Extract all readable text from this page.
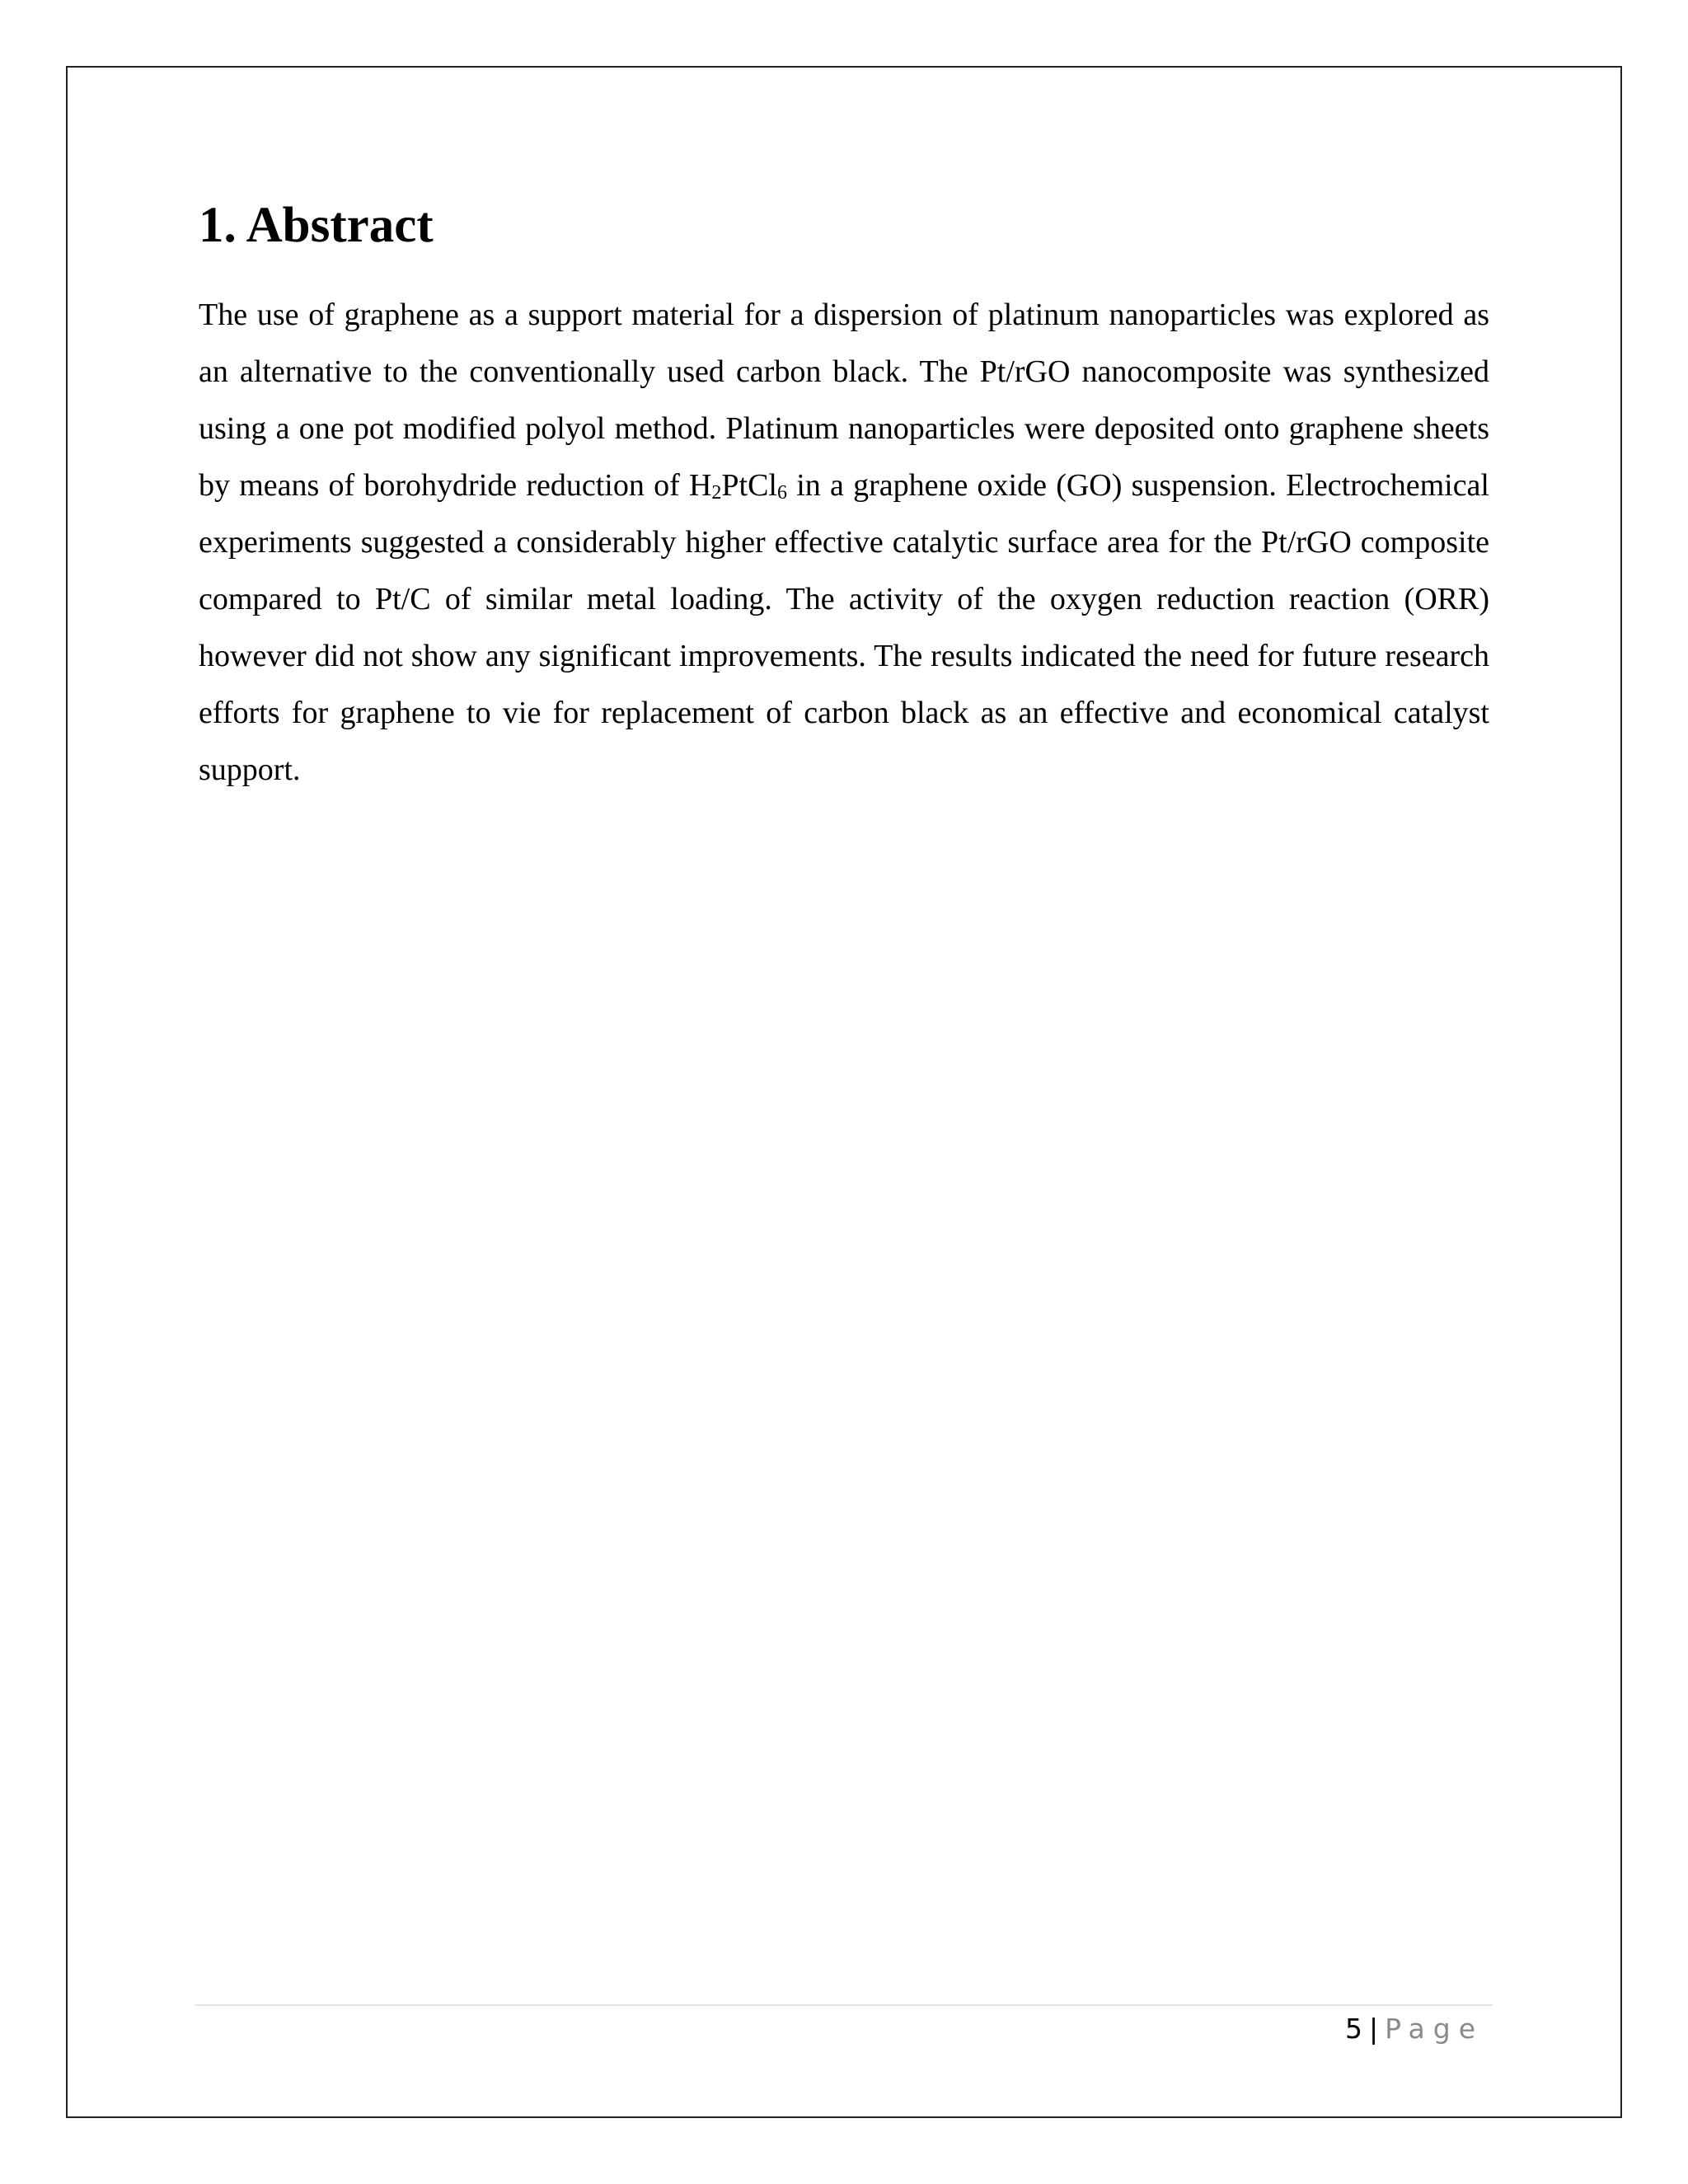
1. Abstract

The use of graphene as a support material for a dispersion of platinum nanoparticles was explored as an alternative to the conventionally used carbon black. The Pt/rGO nanocomposite was synthesized using a one pot modified polyol method. Platinum nanoparticles were deposited onto graphene sheets by means of borohydride reduction of $H_2PtCl_6$ in a graphene oxide (GO) suspension. Electrochemical experiments suggested a considerably higher effective catalytic surface area for the Pt/rGO composite compared to Pt/C of similar metal loading. The activity of the oxygen reduction reaction (ORR) however did not show any significant improvements. The results indicated the need for future research efforts for graphene to vie for replacement of carbon black as an effective and economical catalyst support.

5 | Page
